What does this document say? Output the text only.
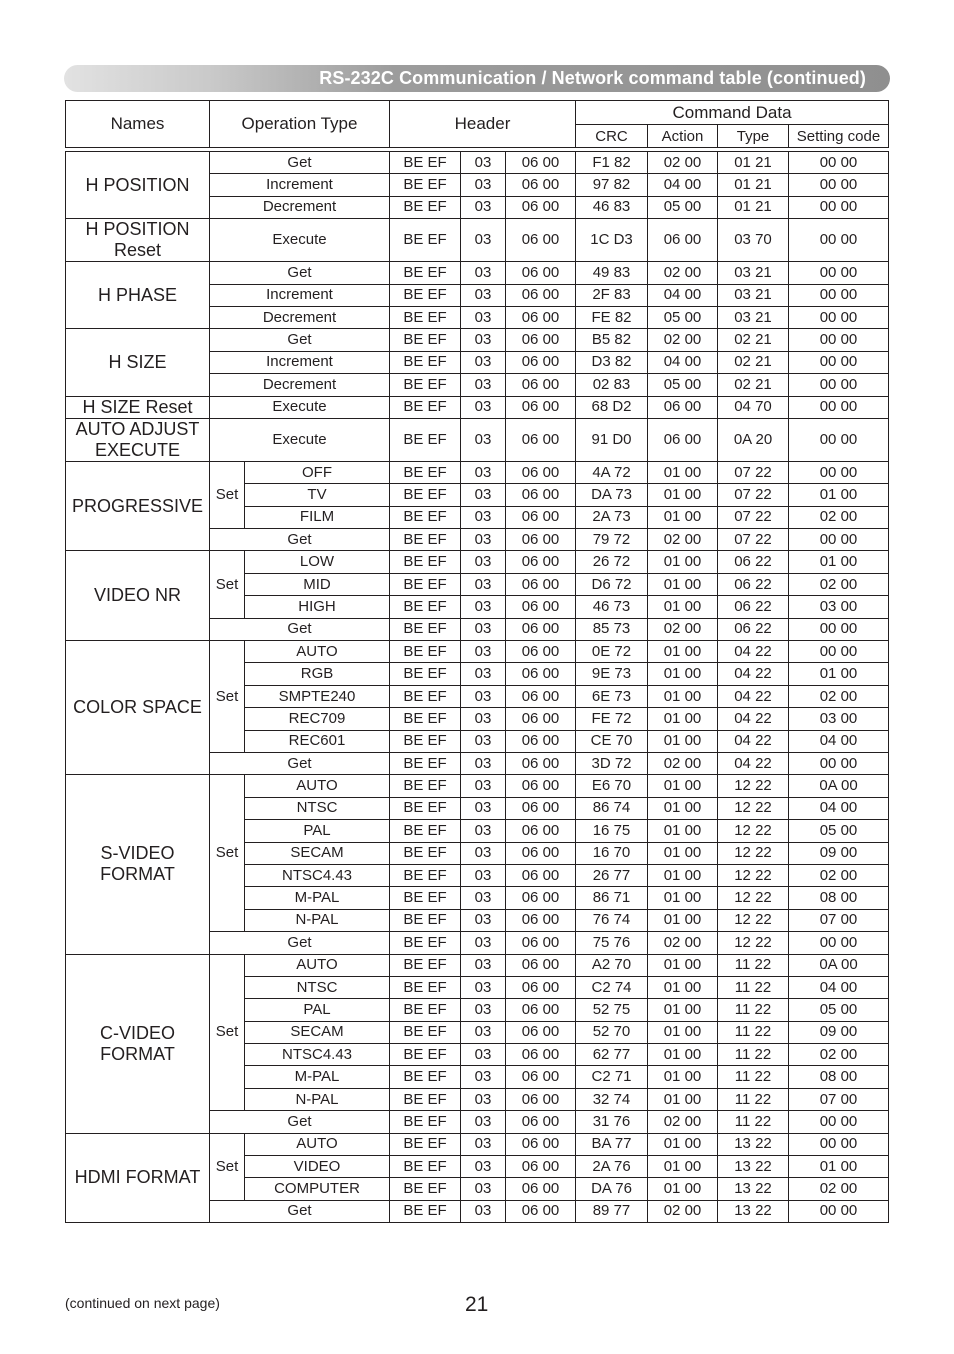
RS-232C Communication / Network command table (continued)
Names	Operation Type	Header	Command Data			
			CRC	Action	Type	Setting code
H POSITION	Get		BE EF	03	06 00	F1 82	02 00	01 21	00 00
	Increment		BE EF	03	06 00	97 82	04 00	01 21	00 00
	Decrement		BE EF	03	06 00	46 83	05 00	01 21	00 00
H POSITION Reset	Execute		BE EF	03	06 00	1C D3	06 00	03 70	00 00
H PHASE	Get		BE EF	03	06 00	49 83	02 00	03 21	00 00
	Increment		BE EF	03	06 00	2F 83	04 00	03 21	00 00
	Decrement		BE EF	03	06 00	FE 82	05 00	03 21	00 00
H SIZE	Get		BE EF	03	06 00	B5 82	02 00	02 21	00 00
	Increment		BE EF	03	06 00	D3 82	04 00	02 21	00 00
	Decrement		BE EF	03	06 00	02 83	05 00	02 21	00 00
H SIZE Reset	Execute		BE EF	03	06 00	68 D2	06 00	04 70	00 00
AUTO ADJUST EXECUTE	Execute		BE EF	03	06 00	91 D0	06 00	0A 20	00 00
PROGRESSIVE	Set	OFF	BE EF	03	06 00	4A 72	01 00	07 22	00 00
		TV	BE EF	03	06 00	DA 73	01 00	07 22	01 00
		FILM	BE EF	03	06 00	2A 73	01 00	07 22	02 00
	Get		BE EF	03	06 00	79 72	02 00	07 22	00 00
VIDEO NR	Set	LOW	BE EF	03	06 00	26 72	01 00	06 22	01 00
		MID	BE EF	03	06 00	D6 72	01 00	06 22	02 00
		HIGH	BE EF	03	06 00	46 73	01 00	06 22	03 00
	Get		BE EF	03	06 00	85 73	02 00	06 22	00 00
COLOR SPACE	Set	AUTO	BE EF	03	06 00	0E 72	01 00	04 22	00 00
		RGB	BE EF	03	06 00	9E 73	01 00	04 22	01 00
		SMPTE240	BE EF	03	06 00	6E 73	01 00	04 22	02 00
		REC709	BE EF	03	06 00	FE 72	01 00	04 22	03 00
		REC601	BE EF	03	06 00	CE 70	01 00	04 22	04 00
	Get		BE EF	03	06 00	3D 72	02 00	04 22	00 00
S-VIDEO FORMAT	Set	AUTO	BE EF	03	06 00	E6 70	01 00	12 22	0A 00
		NTSC	BE EF	03	06 00	86 74	01 00	12 22	04 00
		PAL	BE EF	03	06 00	16 75	01 00	12 22	05 00
		SECAM	BE EF	03	06 00	16 70	01 00	12 22	09 00
		NTSC4.43	BE EF	03	06 00	26 77	01 00	12 22	02 00
		M-PAL	BE EF	03	06 00	86 71	01 00	12 22	08 00
		N-PAL	BE EF	03	06 00	76 74	01 00	12 22	07 00
	Get		BE EF	03	06 00	75 76	02 00	12 22	00 00
C-VIDEO FORMAT	Set	AUTO	BE EF	03	06 00	A2 70	01 00	11 22	0A 00
		NTSC	BE EF	03	06 00	C2 74	01 00	11 22	04 00
		PAL	BE EF	03	06 00	52 75	01 00	11 22	05 00
		SECAM	BE EF	03	06 00	52 70	01 00	11 22	09 00
		NTSC4.43	BE EF	03	06 00	62 77	01 00	11 22	02 00
		M-PAL	BE EF	03	06 00	C2 71	01 00	11 22	08 00
		N-PAL	BE EF	03	06 00	32 74	01 00	11 22	07 00
	Get		BE EF	03	06 00	31 76	02 00	11 22	00 00
HDMI FORMAT	Set	AUTO	BE EF	03	06 00	BA 77	01 00	13 22	00 00
		VIDEO	BE EF	03	06 00	2A 76	01 00	13 22	01 00
		COMPUTER	BE EF	03	06 00	DA 76	01 00	13 22	02 00
	Get		BE EF	03	06 00	89 77	02 00	13 22	00 00
(continued on next page)	21
